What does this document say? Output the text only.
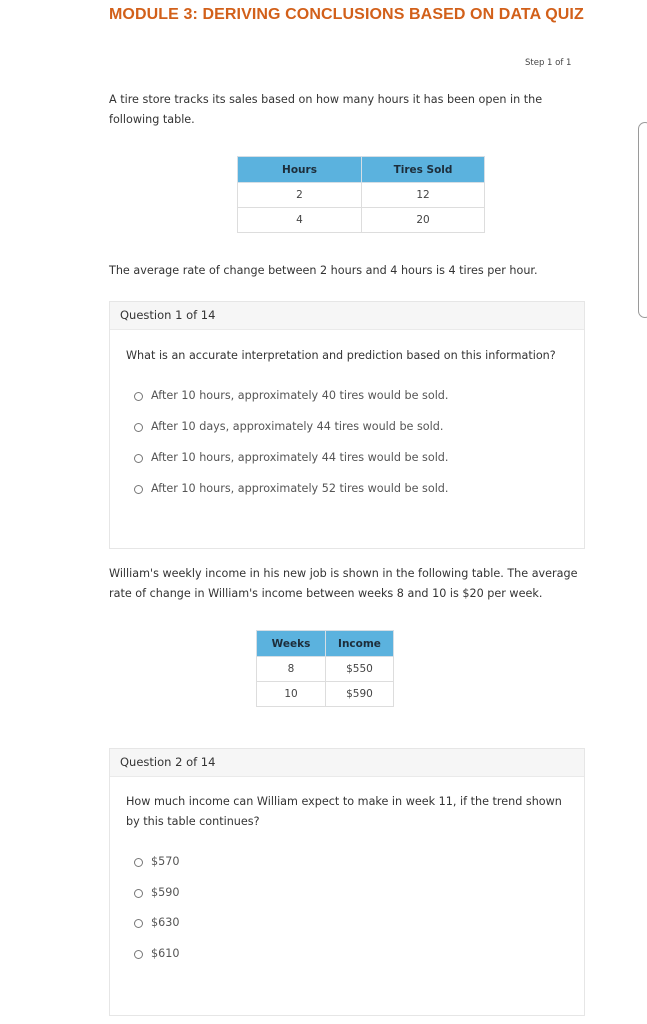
MODULE 3: DERIVING CONCLUSIONS BASED ON DATA QUIZ
Step 1 of 1
A tire store tracks its sales based on how many hours it has been open in the following table.
Hours	Tires Sold
2	12
4	20
The average rate of change between 2 hours and 4 hours is 4 tires per hour.
Question 1 of 14
What is an accurate interpretation and prediction based on this information?
After 10 hours, approximately 40 tires would be sold.
After 10 days, approximately 44 tires would be sold.
After 10 hours, approximately 44 tires would be sold.
After 10 hours, approximately 52 tires would be sold.
William's weekly income in his new job is shown in the following table. The average rate of change in William's income between weeks 8 and 10 is $20 per week.
Weeks	Income
8	$550
10	$590
Question 2 of 14
How much income can William expect to make in week 11, if the trend shown by this table continues?
$570
$590
$630
$610
